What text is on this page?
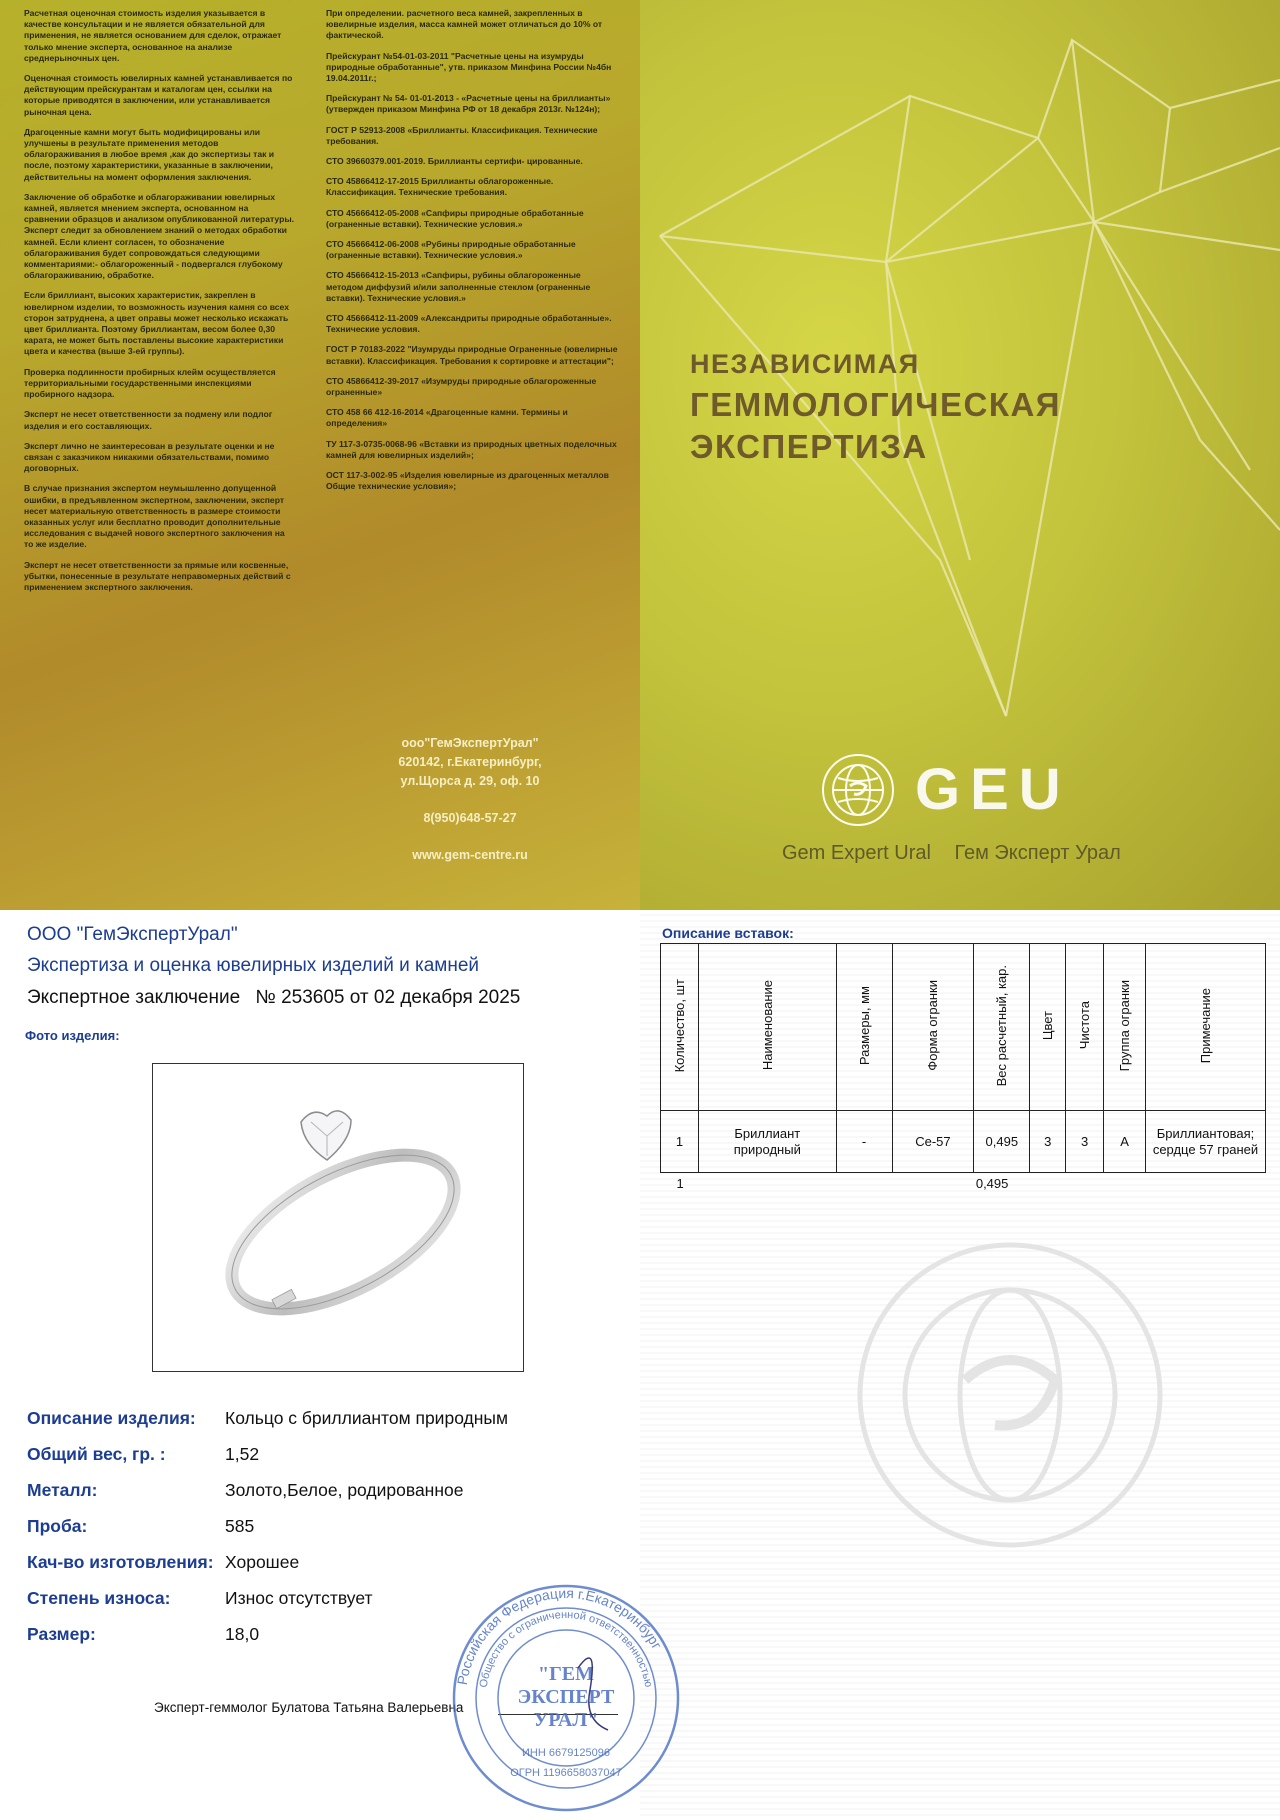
Расчетная оценочная стоимость изделия указывается в качестве консультации и не является обязательной для применения, не является основанием для сделок, отражает только мнение эксперта, основанное на анализе среднерыночных цен.

Оценочная стоимость ювелирных камней устанавливается по действующим прейскурантам и каталогам цен, ссылки на которые приводятся в заключении, или устанавливается рыночная цена.

Драгоценные камни могут быть модифицированы или улучшены в результате применения методов облагораживания в любое время ,как до экспертизы так и после, поэтому характеристики, указанные в заключении, действительны на момент оформления заключения.

Заключение об обработке и облагораживании ювелирных камней, является мнением эксперта, основанном на сравнении образцов и анализом опубликованной литературы. Эксперт следит за обновлением знаний о методах обработки камней. Если клиент согласен, то обозначение облагораживания будет сопровождаться следующими комментариями:- облагороженный - подвергался глубокому облагораживанию, обработке.

Если бриллиант, высоких характеристик, закреплен в ювелирном изделии, то возможность изучения камня со всех сторон затруднена, а цвет оправы может несколько искажать цвет бриллианта. Поэтому бриллиантам, весом более 0,30 карата, не может быть поставлены высокие характеристики цвета и качества (выше 3-ей группы).

Проверка подлинности пробирных клейм осуществляется территориальными государственными инспекциями пробирного надзора.

Эксперт не несет ответственности за подмену или подлог изделия и его составляющих.

Эксперт лично не заинтересован в результате оценки и не связан с заказчиком никакими обязательствами, помимо договорных.

В случае признания экспертом неумышленно допущенной ошибки, в предъявленном экспертном, заключении, эксперт несет материальную ответственность в размере стоимости оказанных услуг или бесплатно проводит дополнительные исследования с выдачей нового экспертного заключения на то же изделие.

Эксперт не несет ответственности за прямые или косвенные, убытки, понесенные в результате неправомерных действий с применением экспертного заключения.

При определении. расчетного веса камней, закрепленных в ювелирные изделия, масса камней может отличаться до 10% от фактической.

Прейскурант №54-01-03-2011 "Расчетные цены на изумруды природные обработанные", утв. приказом Минфина России №4бн 19.04.2011г.;

Прейскурант № 54- 01-01-2013 - «Расчетные цены на бриллианты» (утвержден приказом Минфина РФ от 18 декабря 2013г. №124н);

ГОСТ Р 52913-2008 «Бриллианты. Классификация. Технические требования.

СТО 39660379.001-2019. Бриллианты сертифи- цированные.

СТО 45866412-17-2015 Бриллианты облагороженные. Классификация. Технические требования.

СТО 45666412-05-2008 «Сапфиры природные обработанные (ограненные вставки). Технические условия.»

СТО 45666412-06-2008 «Рубины природные обработанные (ограненные вставки). Технические условия.»

СТО 45666412-15-2013 «Сапфиры, рубины облагороженные методом диффузий и/или заполненные стеклом (ограненные вставки). Технические условия.»

СТО 45666412-11-2009 «Александриты природные обработанные». Технические условия.

ГОСТ Р 70183-2022 "Изумруды природные Ограненные (ювелирные вставки). Классификация. Требования к сортировке и аттестации";

СТО 45866412-39-2017 «Изумруды природные облагороженные ограненные»

СТО 458 66 412-16-2014 «Драгоценные камни. Термины и определения»

ТУ 117-3-0735-0068-96 «Вставки из природных цветных поделочных камней для ювелирных изделий»;

ОСТ 117-3-002-95 «Изделия ювелирные из драгоценных металлов Общие технические условия»;

ooo"ГемЭкспертУрал"
620142, г.Екатеринбург,
ул.Щорса д. 29, оф. 10
8(950)648-57-27
www.gem-centre.ru
НЕЗАВИСИМАЯ
ГЕММОЛОГИЧЕСКАЯ
ЭКСПЕРТИЗА
GEU
Gem Expert Ural Гем Эксперт Урал
ООО "ГемЭкспертУрал"
Экспертиза и оценка ювелирных изделий и камней
Экспертное заключение № 253605 от 02 декабря 2025
Фото изделия:
Описание изделия: Кольцо с бриллиантом природным
Общий вес, гр. :	1,52
Металл:	Золото,Белое, родированное
Проба:	585
Кач-во изготовления: Хорошее
Степень износа:	Износ отсутствует
Размер:	18,0
Эксперт-геммолог Булатова Татьяна Валерьевна
Описание вставок:
Количество, шт	Наименование	Размеры, мм	Форма огранки	Вес расчетный, кар.	Цвет	Чистота	Группа огранки	Примечание
1	Бриллиант природный	-	Се-57	0,495	3	3	A	Бриллиантовая; сердце 57 граней
1				0,495				
Российская Федерация г.Екатеринбург
Общество с ограниченной ответственностью
"ГЕМ
ЭКСПЕРТ
УРАЛ"
ИНН 6679125096
ОГРН 1196658037047
